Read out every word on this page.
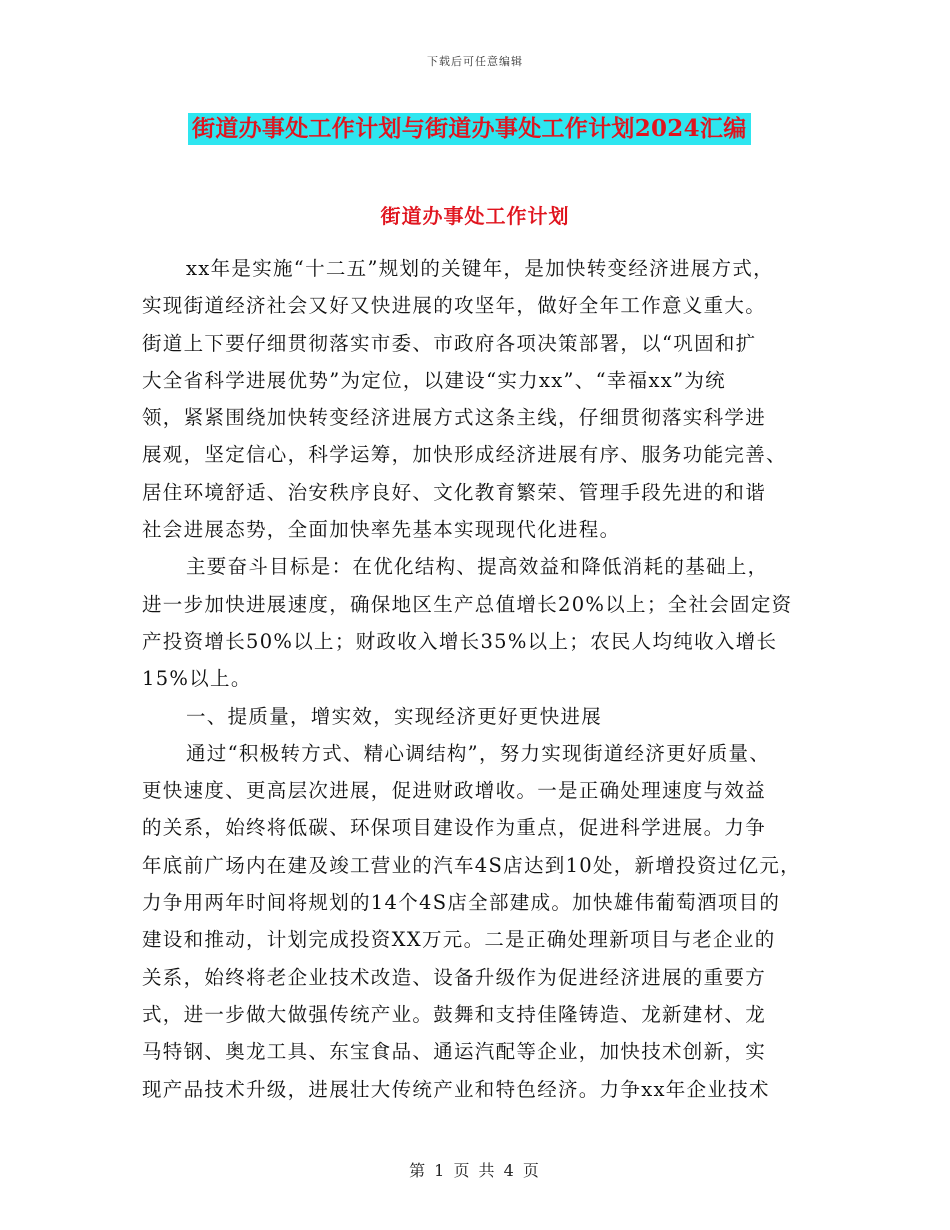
下载后可任意编辑
街道办事处工作计划与街道办事处工作计划2024汇编
街道办事处工作计划
xx年是实施“十二五”规划的关键年，是加快转变经济进展方式，
实现街道经济社会又好又快进展的攻坚年，做好全年工作意义重大。
街道上下要仔细贯彻落实市委、市政府各项决策部署，以“巩固和扩
大全省科学进展优势”为定位，以建设“实力xx”、“幸福xx”为统
领，紧紧围绕加快转变经济进展方式这条主线，仔细贯彻落实科学进
展观，坚定信心，科学运筹，加快形成经济进展有序、服务功能完善、
居住环境舒适、治安秩序良好、文化教育繁荣、管理手段先进的和谐
社会进展态势，全面加快率先基本实现现代化进程。
主要奋斗目标是：在优化结构、提高效益和降低消耗的基础上，
进一步加快进展速度，确保地区生产总值增长20%以上；全社会固定资
产投资增长50%以上；财政收入增长35%以上；农民人均纯收入增长
15%以上。
一、提质量，增实效，实现经济更好更快进展
通过“积极转方式、精心调结构”，努力实现街道经济更好质量、
更快速度、更高层次进展，促进财政增收。一是正确处理速度与效益
的关系，始终将低碳、环保项目建设作为重点，促进科学进展。力争
年底前广场内在建及竣工营业的汽车4S店达到10处，新增投资过亿元，
力争用两年时间将规划的14个4S店全部建成。加快雄伟葡萄酒项目的
建设和推动，计划完成投资XX万元。二是正确处理新项目与老企业的
关系，始终将老企业技术改造、设备升级作为促进经济进展的重要方
式，进一步做大做强传统产业。鼓舞和支持佳隆铸造、龙新建材、龙
马特钢、奥龙工具、东宝食品、通运汽配等企业，加快技术创新，实
现产品技术升级，进展壮大传统产业和特色经济。力争xx年企业技术
第 1 页 共 4 页
